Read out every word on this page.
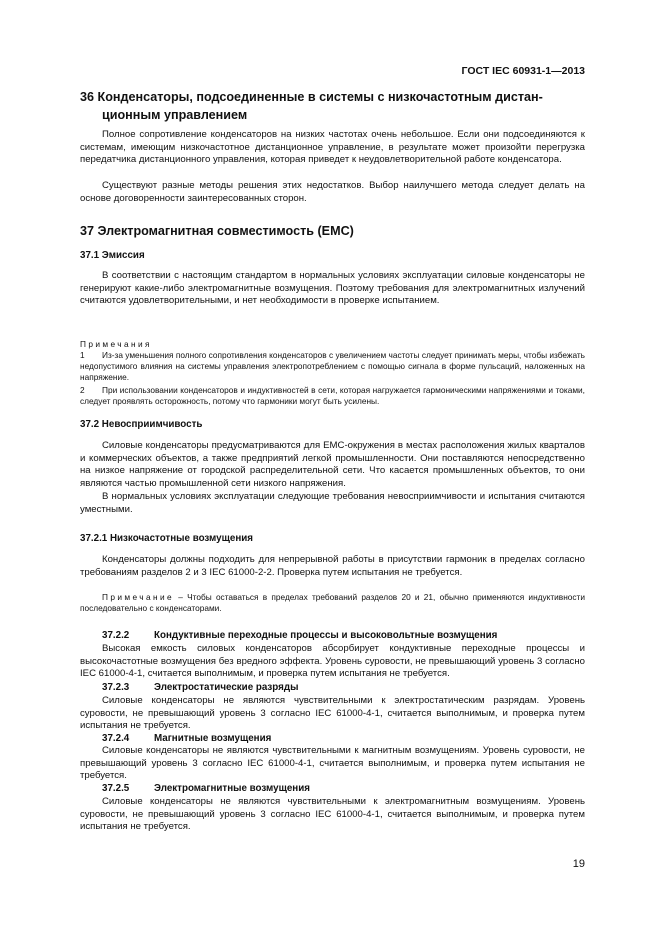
ГОСТ IEC 60931-1—2013
36 Конденсаторы, подсоединенные в системы с низкочастотным дистан-
ционным управлением
Полное сопротивление конденсаторов на низких частотах очень небольшое. Если они подсоединяются к системам, имеющим низкочастотное дистанционное управление, в результате может произойти перегрузка передатчика дистанционного управления, которая приведет к неудовлетворительной работе конденсатора.
Существуют разные методы решения этих недостатков. Выбор наилучшего метода следует делать на основе договоренности заинтересованных сторон.
37 Электромагнитная совместимость (ЕМС)
37.1 Эмиссия
В соответствии с настоящим стандартом в нормальных условиях эксплуатации силовые конденсаторы не генерируют какие-либо электромагнитные возмущения. Поэтому требования для электромагнитных излучений считаются удовлетворительными, и нет необходимости в проверке испытанием.
Примечания
1 Из-за уменьшения полного сопротивления конденсаторов с увеличением частоты следует принимать меры, чтобы избежать недопустимого влияния на системы управления электропотреблением с помощью сигнала в форме пульсаций, наложенных на напряжение.
2 При использовании конденсаторов и индуктивностей в сети, которая нагружается гармоническими напряжениями и токами, следует проявлять осторожность, потому что гармоники могут быть усилены.
37.2 Невосприимчивость
Силовые конденсаторы предусматриваются для ЕМС-окружения в местах расположения жилых кварталов и коммерческих объектов, а также предприятий легкой промышленности. Они поставляются непосредственно на низкое напряжение от городской распределительной сети. Что касается промышленных объектов, то они являются частью промышленной сети низкого напряжения.
В нормальных условиях эксплуатации следующие требования невосприимчивости и испытания считаются уместными.
37.2.1 Низкочастотные возмущения
Конденсаторы должны подходить для непрерывной работы в присутствии гармоник в пределах согласно требованиям разделов 2 и 3 IEC 61000-2-2. Проверка путем испытания не требуется.
Примечание – Чтобы оставаться в пределах требований разделов 20 и 21, обычно применяются индуктивности последовательно с конденсаторами.
37.2.2	Кондуктивные переходные процессы и высоковольтные возмущения
Высокая емкость силовых конденсаторов абсорбирует кондуктивные переходные процессы и высокочастотные возмущения без вредного эффекта. Уровень суровости, не превышающий уровень 3 согласно IEC 61000-4-1, считается выполнимым, и проверка путем испытания не требуется.
37.2.3	Электростатические разряды
Силовые конденсаторы не являются чувствительными к электростатическим разрядам. Уровень суровости, не превышающий уровень 3 согласно IEC 61000-4-1, считается выполнимым, и проверка путем испытания не требуется.
37.2.4	Магнитные возмущения
Силовые конденсаторы не являются чувствительными к магнитным возмущениям. Уровень суровости, не превышающий уровень 3 согласно IEC 61000-4-1, считается выполнимым, и проверка путем испытания не требуется.
37.2.5	Электромагнитные возмущения
Силовые конденсаторы не являются чувствительными к электромагнитным возмущениям. Уровень суровости, не превышающий уровень 3 согласно IEC 61000-4-1, считается выполнимым, и проверка путем испытания не требуется.
19
